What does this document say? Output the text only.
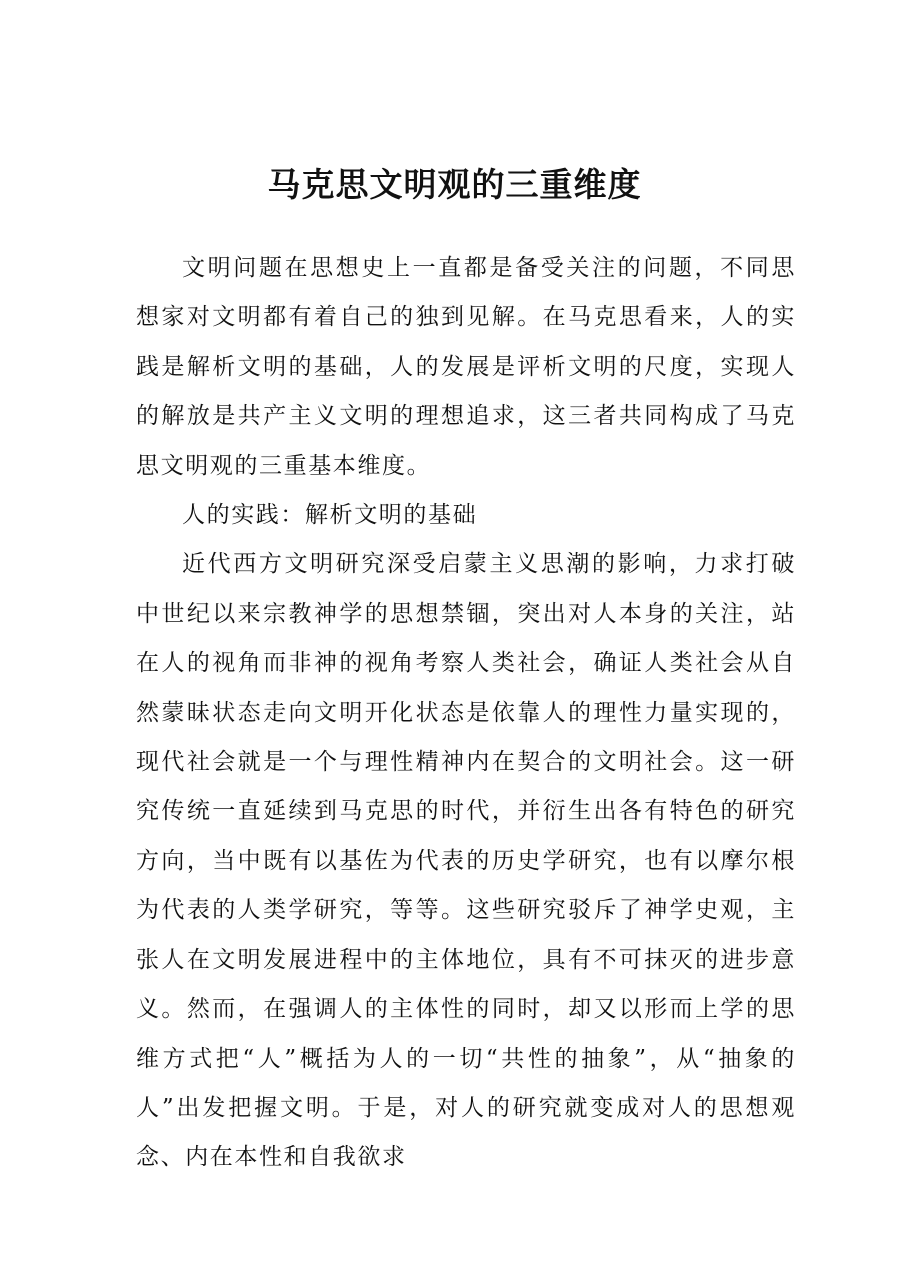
马克思文明观的三重维度

文明问题在思想史上一直都是备受关注的问题，不同思想家对文明都有着自己的独到见解。在马克思看来，人的实践是解析文明的基础，人的发展是评析文明的尺度，实现人的解放是共产主义文明的理想追求，这三者共同构成了马克思文明观的三重基本维度。

人的实践：解析文明的基础

近代西方文明研究深受启蒙主义思潮的影响，力求打破中世纪以来宗教神学的思想禁锢，突出对人本身的关注，站在人的视角而非神的视角考察人类社会，确证人类社会从自然蒙昧状态走向文明开化状态是依靠人的理性力量实现的，现代社会就是一个与理性精神内在契合的文明社会。这一研究传统一直延续到马克思的时代，并衍生出各有特色的研究方向，当中既有以基佐为代表的历史学研究，也有以摩尔根为代表的人类学研究，等等。这些研究驳斥了神学史观，主张人在文明发展进程中的主体地位，具有不可抹灭的进步意义。然而，在强调人的主体性的同时，却又以形而上学的思维方式把“人”概括为人的一切“共性的抽象”，从“抽象的人”出发把握文明。于是，对人的研究就变成对人的思想观念、内在本性和自我欲求
